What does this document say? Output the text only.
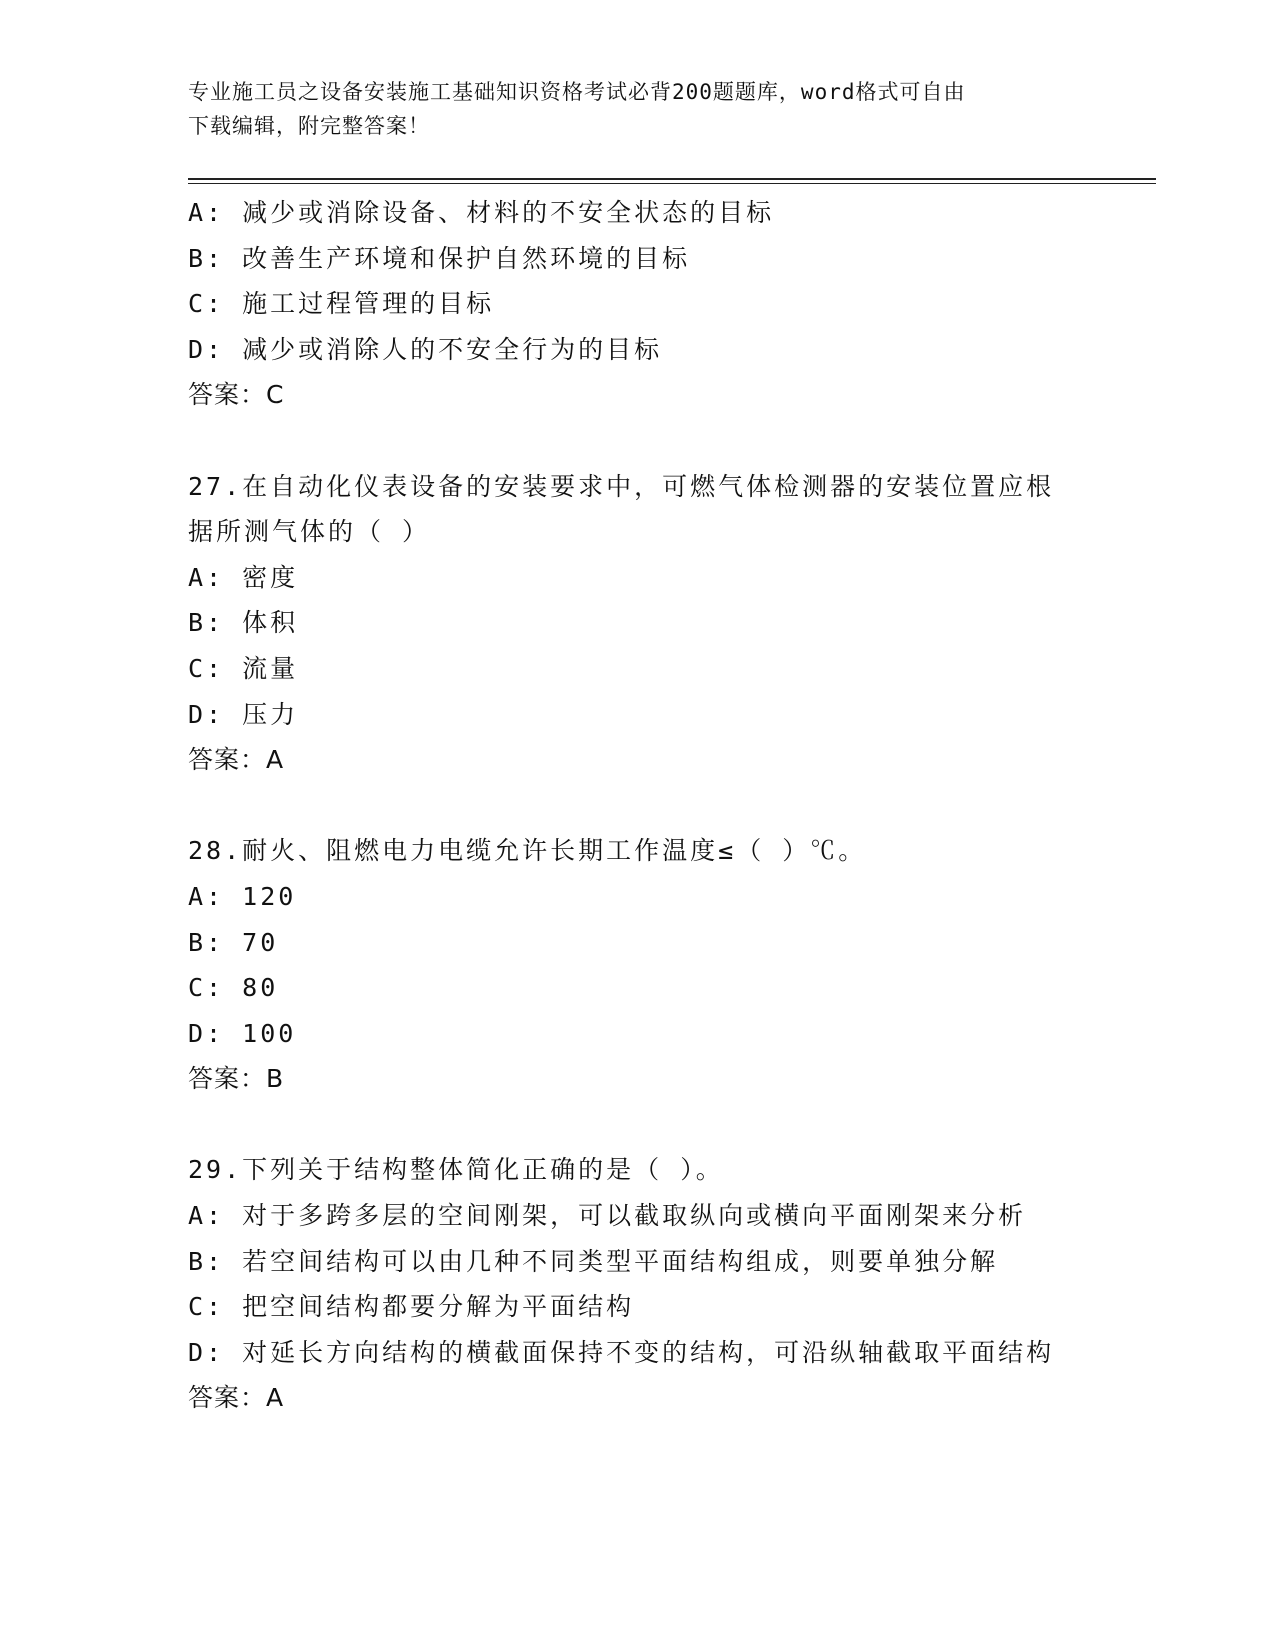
专业施工员之设备安装施工基础知识资格考试必背200题题库，word格式可自由
下载编辑，附完整答案！
A: 减少或消除设备、材料的不安全状态的目标
B: 改善生产环境和保护自然环境的目标
C: 施工过程管理的目标
D: 减少或消除人的不安全行为的目标
答案：C
27.在自动化仪表设备的安装要求中，可燃气体检测器的安装位置应根
据所测气体的（ ）
A: 密度
B: 体积
C: 流量
D: 压力
答案：A
28.耐火、阻燃电力电缆允许长期工作温度≤（ ）℃。
A: 120
B: 70
C: 80
D: 100
答案：B
29.下列关于结构整体简化正确的是（ ）。
A: 对于多跨多层的空间刚架，可以截取纵向或横向平面刚架来分析
B: 若空间结构可以由几种不同类型平面结构组成，则要单独分解
C: 把空间结构都要分解为平面结构
D: 对延长方向结构的横截面保持不变的结构，可沿纵轴截取平面结构
答案：A
